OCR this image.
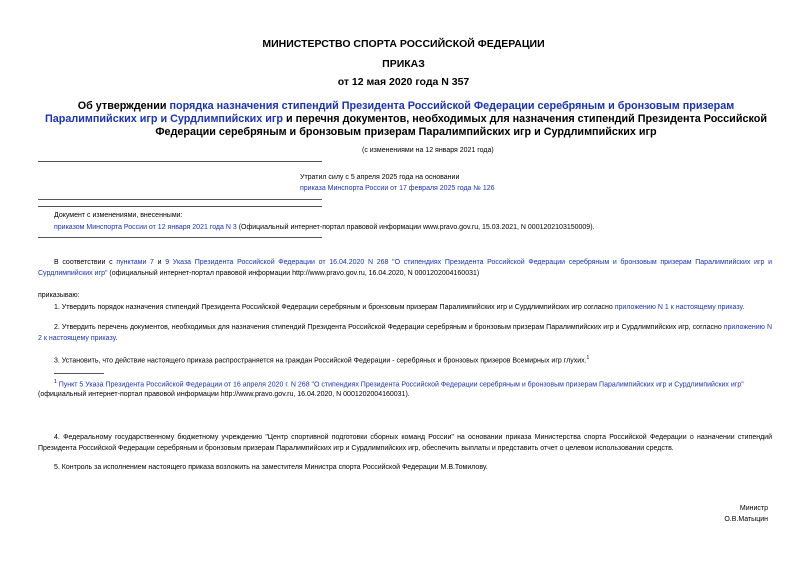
МИНИСТЕРСТВО СПОРТА РОССИЙСКОЙ ФЕДЕРАЦИИ
ПРИКАЗ
от 12 мая 2020 года N 357
Об утверждении порядка назначения стипендий Президента Российской Федерации серебряным и бронзовым призерам Паралимпийских игр и Сурдлимпийских игр и перечня документов, необходимых для назначения стипендий Президента Российской Федерации серебряным и бронзовым призерам Паралимпийских игр и Сурдлимпийских игр
(с изменениями на 12 января 2021 года)
Утратил силу с 5 апреля 2025 года на основании
приказа Минспорта России от 17 февраля 2025 года № 126
Документ с изменениями, внесенными:
приказом Минспорта России от 12 января 2021 года N 3 (Официальный интернет-портал правовой информации www.pravo.gov.ru, 15.03.2021, N 0001202103150009).
В соответствии с пунктами 7 и 9 Указа Президента Российской Федерации от 16.04.2020 N 268 "О стипендиях Президента Российской Федерации серебряным и бронзовым призерам Паралимпийских игр и Сурдлимпийских игр" (официальный интернет-портал правовой информации http://www.pravo.gov.ru, 16.04.2020, N 0001202004160031)
приказываю:
1. Утвердить порядок назначения стипендий Президента Российской Федерации серебряным и бронзовым призерам Паралимпийских игр и Сурдлимпийских игр согласно приложению N 1 к настоящему приказу.
2. Утвердить перечень документов, необходимых для назначения стипендий Президента Российской Федерации серебряным и бронзовым призерам Паралимпийских игр и Сурдлимпийских игр, согласно приложению N 2 к настоящему приказу.
3. Установить, что действие настоящего приказа распространяется на граждан Российской Федерации - серебряных и бронзовых призеров Всемирных игр глухих.$^1$
$^1$ Пункт 5 Указа Президента Российской Федерации от 16 апреля 2020 г. N 268 "О стипендиях Президента Российской Федерации серебряным и бронзовым призерам Паралимпийских игр и Сурдлимпийских игр"
(официальный интернет-портал правовой информации http://www.pravo.gov.ru, 16.04.2020, N 0001202004160031).
4. Федеральному государственному бюджетному учреждению "Центр спортивной подготовки сборных команд России" на основании приказа Министерства спорта Российской Федерации о назначении стипендий Президента Российской Федерации серебряным и бронзовым призерам Паралимпийских игр и Сурдлимпийских игр, обеспечить выплаты и представить отчет о целевом использовании средств.
5. Контроль за исполнением настоящего приказа возложить на заместителя Министра спорта Российской Федерации М.В.Томилову.
Министр
О.В.Матыцин
